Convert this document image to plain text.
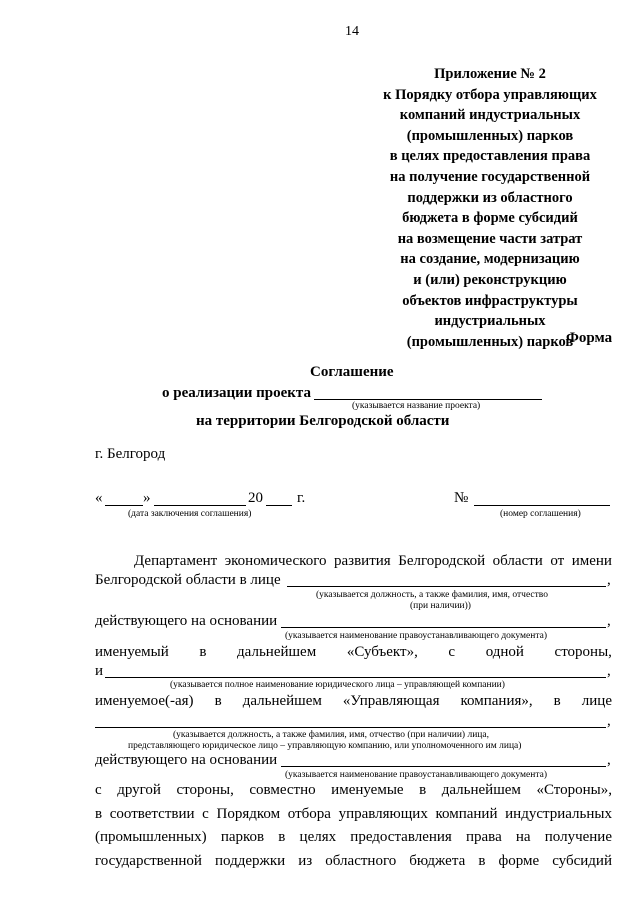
14
Приложение № 2
к Порядку отбора управляющих
компаний индустриальных
(промышленных) парков
в целях предоставления права
на получение государственной
поддержки из областного
бюджета в форме субсидий
на возмещение части затрат
на создание, модернизацию
и (или) реконструкцию
объектов инфраструктуры
индустриальных
(промышленных) парков
Форма
Соглашение
о реализации проекта
(указывается название проекта)
на территории Белгородской области
г. Белгород
«	»	20 г.
(дата заключения соглашения)
№
(номер соглашения)
Департамент экономического развития Белгородской области от имени
Белгородской области в лице	,
(указывается должность, а также фамилия, имя, отчество
(при наличии))
действующего на основании	,
(указывается наименование правоустанавливающего документа)
именуемый в дальнейшем «Субъект», с одной стороны,
и	,
(указывается полное наименование юридического лица – управляющей компании)
именуемое(-ая) в дальнейшем «Управляющая компания», в лице
,
(указывается должность, а также фамилия, имя, отчество (при наличии) лица,
представляющего юридическое лицо – управляющую компанию, или уполномоченного им лица)
действующего на основании	,
(указывается наименование правоустанавливающего документа)
с другой стороны, совместно именуемые в дальнейшем «Стороны»,
в соответствии с Порядком отбора управляющих компаний индустриальных
(промышленных) парков в целях предоставления права на получение
государственной поддержки из областного бюджета в форме субсидий
